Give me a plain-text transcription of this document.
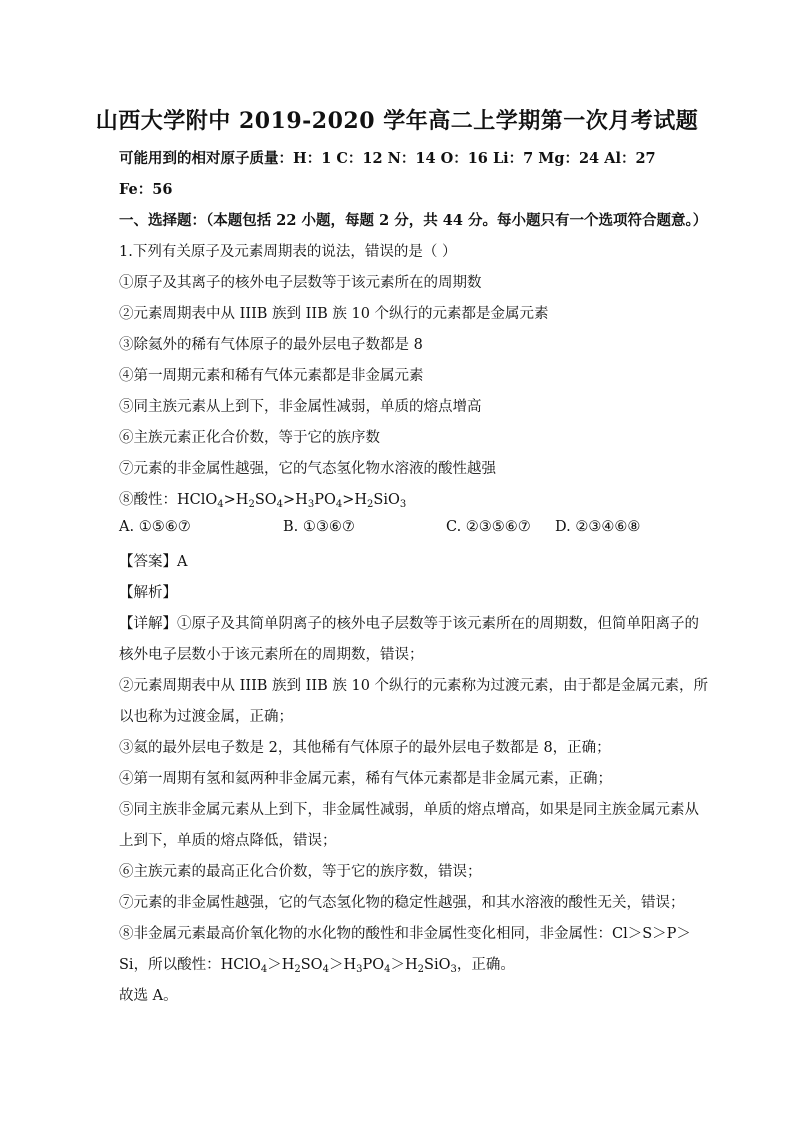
山西大学附中 2019-2020 学年高二上学期第一次月考试题
可能用到的相对原子质量：H：1 C：12 N：14 O：16 Li：7 Mg：24 Al：27
Fe：56
一、选择题：（本题包括 22 小题，每题 2 分，共 44 分。每小题只有一个选项符合题意。）
1.下列有关原子及元素周期表的说法，错误的是（ ）
①原子及其离子的核外电子层数等于该元素所在的周期数
②元素周期表中从 IIIB 族到 IIB 族 10 个纵行的元素都是金属元素
③除氦外的稀有气体原子的最外层电子数都是 8
④第一周期元素和稀有气体元素都是非金属元素
⑤同主族元素从上到下，非金属性减弱，单质的熔点增高
⑥主族元素正化合价数，等于它的族序数
⑦元素的非金属性越强，它的气态氢化物水溶液的酸性越强
⑧酸性：$HClO_4>H_2SO_4>H_3PO_4>H_2SiO_3$
A. ①⑤⑥⑦	B. ①③⑥⑦	C. ②③⑤⑥⑦ D. ②③④⑥⑧
【答案】A
【解析】
【详解】①原子及其简单阴离子的核外电子层数等于该元素所在的周期数，但简单阳离子的
核外电子层数小于该元素所在的周期数，错误；
②元素周期表中从 IIIB 族到 IIB 族 10 个纵行的元素称为过渡元素，由于都是金属元素，所
以也称为过渡金属，正确；
③氦的最外层电子数是 2，其他稀有气体原子的最外层电子数都是 8，正确；
④第一周期有氢和氦两种非金属元素，稀有气体元素都是非金属元素，正确；
⑤同主族非金属元素从上到下，非金属性减弱，单质的熔点增高，如果是同主族金属元素从
上到下，单质的熔点降低，错误；
⑥主族元素的最高正化合价数，等于它的族序数，错误；
⑦元素的非金属性越强，它的气态氢化物的稳定性越强，和其水溶液的酸性无关，错误；
⑧非金属元素最高价氧化物的水化物的酸性和非金属性变化相同，非金属性：Cl＞S＞P＞
Si，所以酸性：$HClO_4>H_2SO_4>H_3PO_4>H_2SiO_3$，正确。
故选 A。
